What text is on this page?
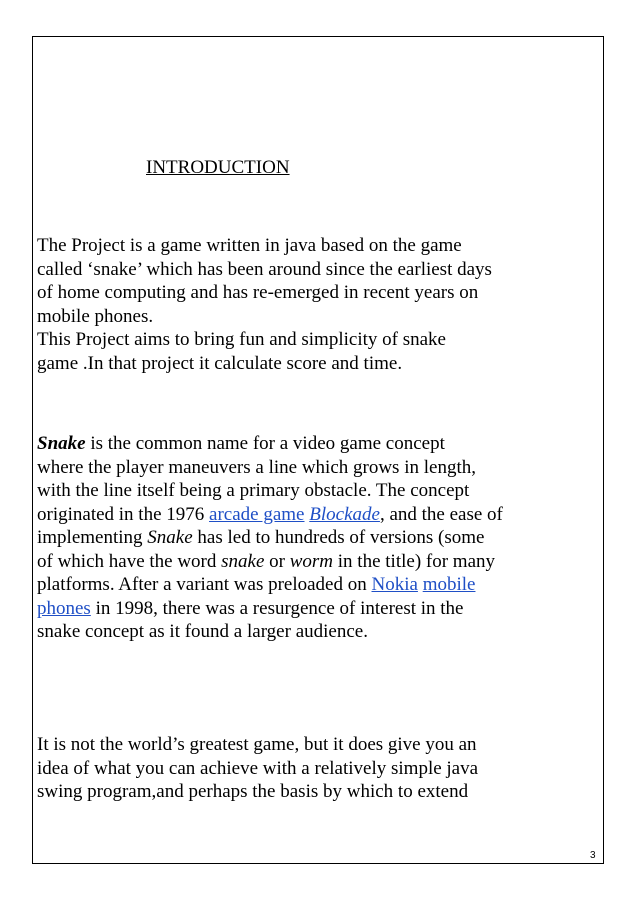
INTRODUCTION
The Project is a game written in java based on the game
called ‘snake’ which has been around since the earliest days
of home computing and has re-emerged in recent years on
mobile phones.
This Project aims to bring fun and simplicity of snake
game .In that project it calculate score and time.
Snake is the common name for a video game concept
where the player maneuvers a line which grows in length,
with the line itself being a primary obstacle. The concept
originated in the 1976 arcade game Blockade, and the ease of
implementing Snake has led to hundreds of versions (some
of which have the word snake or worm in the title) for many
platforms. After a variant was preloaded on Nokia mobile
phones in 1998, there was a resurgence of interest in the
snake concept as it found a larger audience.
It is not the world’s greatest game, but it does give you an
idea of what you can achieve with a relatively simple java
swing program,and perhaps the basis by which to extend
3
